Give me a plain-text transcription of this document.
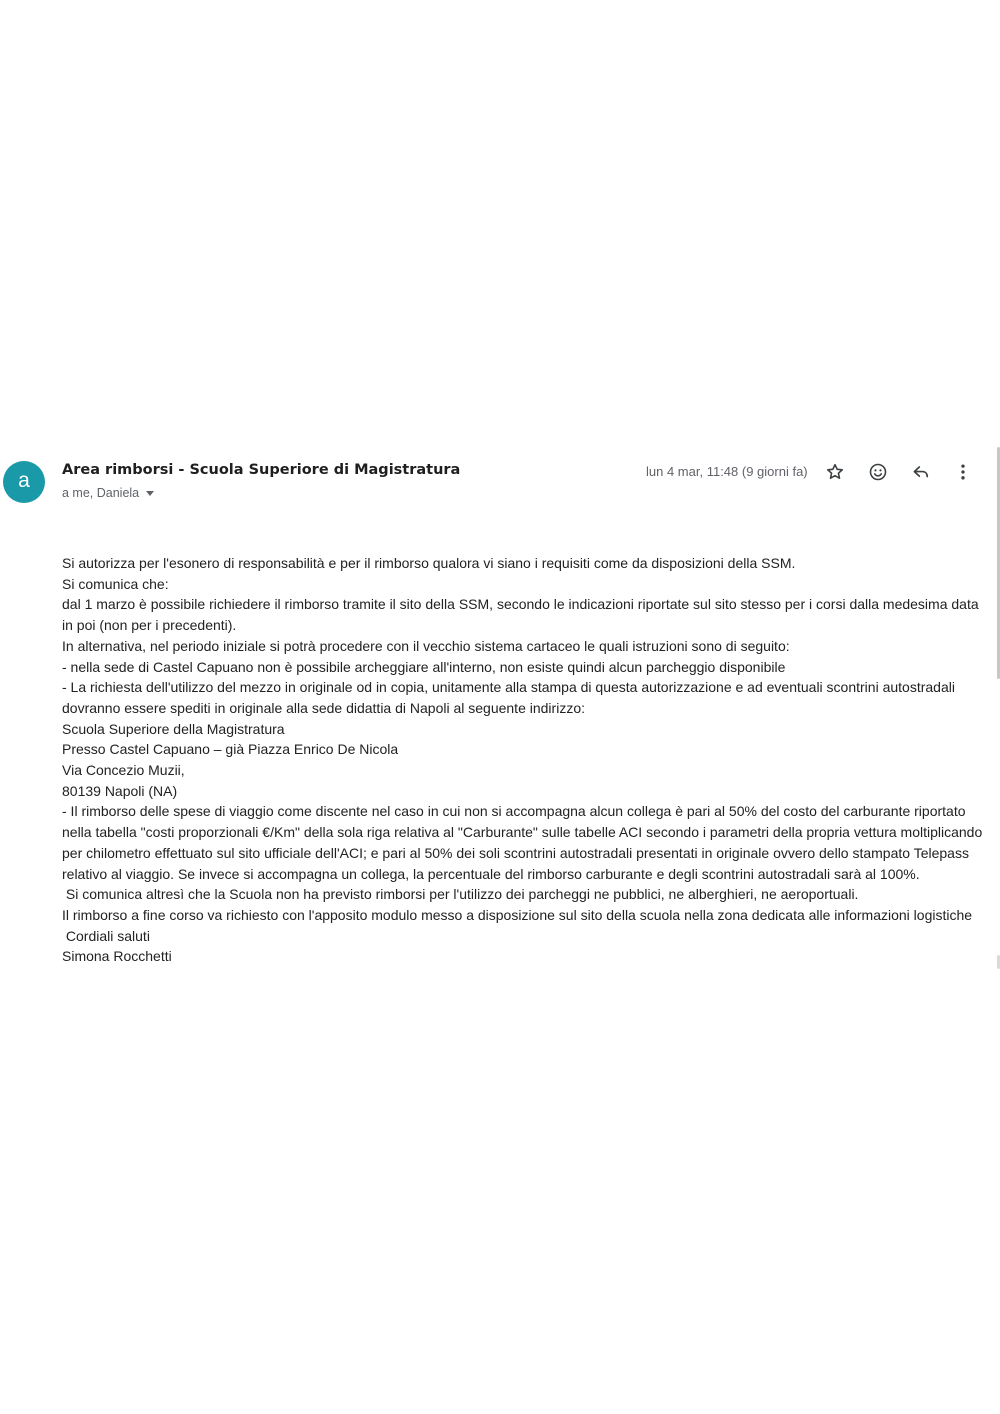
a	Area rimborsi - Scuola Superiore di Magistratura
a me, Daniela
lun 4 mar, 11:48 (9 giorni fa)
Si autorizza per l'esonero di responsabilità e per il rimborso qualora vi siano i requisiti come da disposizioni della SSM.
Si comunica che:
dal 1 marzo è possibile richiedere il rimborso tramite il sito della SSM, secondo le indicazioni riportate sul sito stesso per i corsi dalla medesima data in poi (non per i precedenti).
In alternativa, nel periodo iniziale si potrà procedere con il vecchio sistema cartaceo le quali istruzioni sono di seguito:
- nella sede di Castel Capuano non è possibile archeggiare all'interno, non esiste quindi alcun parcheggio disponibile
- La richiesta dell'utilizzo del mezzo in originale od in copia, unitamente alla stampa di questa autorizzazione e ad eventuali scontrini autostradali dovranno essere spediti in originale alla sede didattia di Napoli al seguente indirizzo:
Scuola Superiore della Magistratura
Presso Castel Capuano – già Piazza Enrico De Nicola
Via Concezio Muzii,
80139 Napoli (NA)
- Il rimborso delle spese di viaggio come discente nel caso in cui non si accompagna alcun collega è pari al 50% del costo del carburante riportato nella tabella "costi proporzionali €/Km" della sola riga relativa al "Carburante" sulle tabelle ACI secondo i parametri della propria vettura moltiplicando per chilometro effettuato sul sito ufficiale dell'ACI; e pari al 50% dei soli scontrini autostradali presentati in originale ovvero dello stampato Telepass relativo al viaggio. Se invece si accompagna un collega, la percentuale del rimborso carburante e degli scontrini autostradali sarà al 100%.
Si comunica altresì che la Scuola non ha previsto rimborsi per l'utilizzo dei parcheggi ne pubblici, ne alberghieri, ne aeroportuali.
Il rimborso a fine corso va richiesto con l'apposito modulo messo a disposizione sul sito della scuola nella zona dedicata alle informazioni logistiche
Cordiali saluti
Simona Rocchetti
